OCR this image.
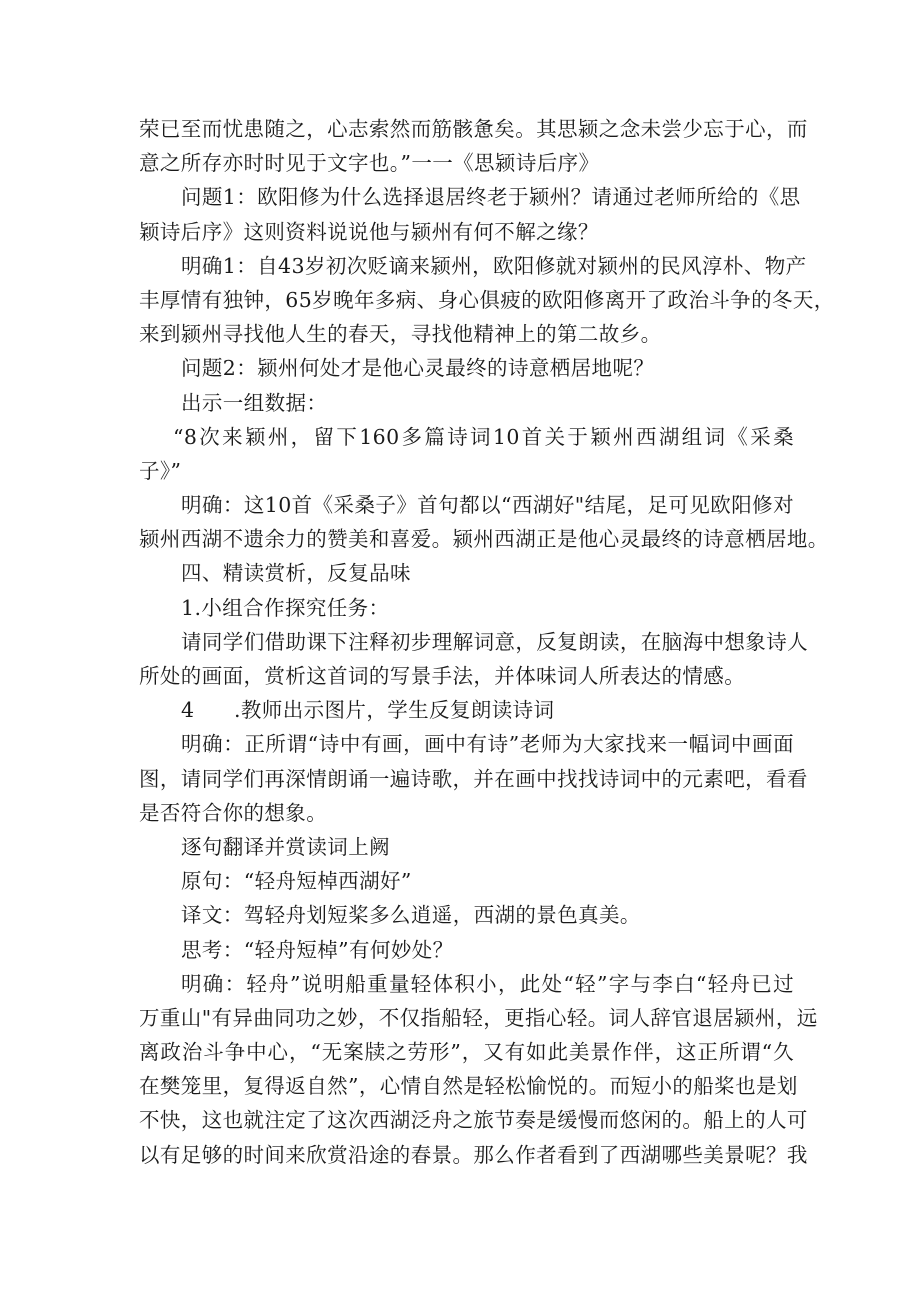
荣已至而忧患随之，心志索然而筋骸惫矣。其思颍之念未尝少忘于心，而
意之所存亦时时见于文字也。”一一《思颍诗后序》
问题1：欧阳修为什么选择退居终老于颍州？请通过老师所给的《思
颖诗后序》这则资料说说他与颍州有何不解之缘？
明确1：自43岁初次贬谪来颍州，欧阳修就对颍州的民风淳朴、物产
丰厚情有独钟，65岁晚年多病、身心俱疲的欧阳修离开了政治斗争的冬天，
来到颍州寻找他人生的春天，寻找他精神上的第二故乡。
问题2：颍州何处才是他心灵最终的诗意栖居地呢？
出示一组数据：
“8次来颖州，留下160多篇诗词10首关于颖州西湖组词《采桑
子》”
明确：这10首《采桑子》首句都以“西湖好"结尾，足可见欧阳修对
颍州西湖不遗余力的赞美和喜爱。颍州西湖正是他心灵最终的诗意栖居地。
四、精读赏析，反复品味
1.小组合作探究任务：
请同学们借助课下注释初步理解词意，反复朗读，在脑海中想象诗人
所处的画面，赏析这首词的写景手法，并体味词人所表达的情感。
4 .教师出示图片，学生反复朗读诗词
明确：正所谓“诗中有画，画中有诗”老师为大家找来一幅词中画面
图，请同学们再深情朗诵一遍诗歌，并在画中找找诗词中的元素吧，看看
是否符合你的想象。
逐句翻译并赏读词上阙
原句：“轻舟短棹西湖好”
译文：驾轻舟划短桨多么逍遥，西湖的景色真美。
思考：“轻舟短棹”有何妙处？
明确：轻舟”说明船重量轻体积小，此处“轻”字与李白“轻舟已过
万重山"有异曲同功之妙，不仅指船轻，更指心轻。词人辞官退居颍州，远
离政治斗争中心，“无案牍之劳形”，又有如此美景作伴，这正所谓“久
在樊笼里，复得返自然”，心情自然是轻松愉悦的。而短小的船桨也是划
不快，这也就注定了这次西湖泛舟之旅节奏是缓慢而悠闲的。船上的人可
以有足够的时间来欣赏沿途的春景。那么作者看到了西湖哪些美景呢？我
